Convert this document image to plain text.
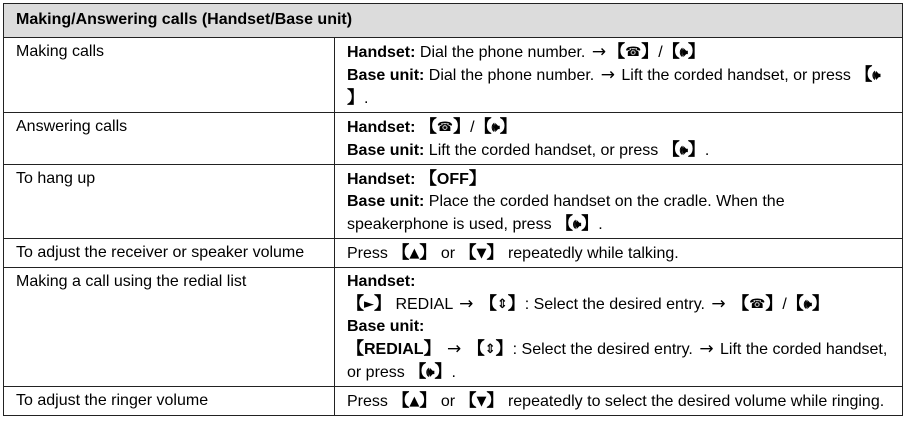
Making/Answering calls (Handset/Base unit)	
Making calls	Handset: Dial the phone number. → 【☎】/【🕪】
Base unit: Dial the phone number. → Lift the corded handset, or press 【🕪】.

Answering calls	Handset: 【☎】/【🕪】
Base unit: Lift the corded handset, or press 【🕪】.

To hang up	Handset: 【OFF】
Base unit: Place the corded handset on the cradle. When the speakerphone is used, press 【🕪】.

To adjust the receiver or speaker volume	Press 【▲】 or 【▼】 repeatedly while talking.
Making a call using the redial list	Handset:
【►】 REDIAL → 【⇕】: Select the desired entry. → 【☎】/【🕪】
Base unit:
【REDIAL】 → 【⇕】: Select the desired entry. → Lift the corded handset, or press 【🕪】.

To adjust the ringer volume	Press 【▲】 or 【▼】 repeatedly to select the desired volume while ringing.
